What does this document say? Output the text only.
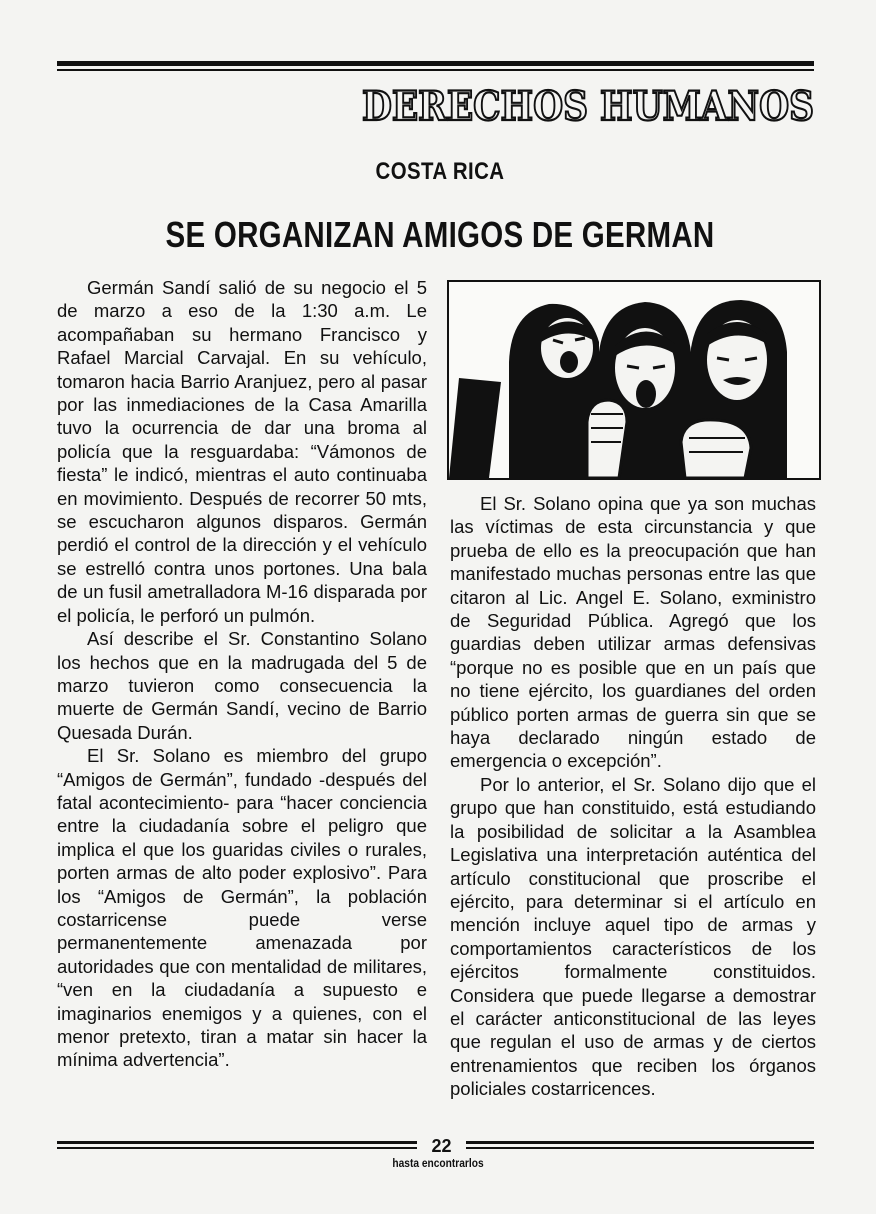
DERECHOS HUMANOS
COSTA RICA
SE ORGANIZAN AMIGOS DE GERMAN

Germán Sandí salió de su negocio el 5 de marzo a eso de la 1:30 a.m. Le acompañaban su hermano Francisco y Rafael Marcial Carvajal. En su vehículo, tomaron hacia Barrio Aranjuez, pero al pasar por las inmediaciones de la Casa Amarilla tuvo la ocurrencia de dar una broma al policía que la resguardaba: “Vámonos de fiesta” le indicó, mientras el auto continuaba en movimiento. Después de recorrer 50 mts, se escucharon algunos disparos. Germán perdió el control de la dirección y el vehículo se estrelló contra unos portones. Una bala de un fusil ametralladora M-16 disparada por el policía, le perforó un pulmón.

Así describe el Sr. Constantino Solano los hechos que en la madrugada del 5 de marzo tuvieron como consecuencia la muerte de Germán Sandí, vecino de Barrio Quesada Durán.

El Sr. Solano es miembro del grupo “Amigos de Germán”, fundado -después del fatal acontecimiento- para “hacer conciencia entre la ciudadanía sobre el peligro que implica el que los guaridas civiles o rurales, porten armas de alto poder explosivo”. Para los “Amigos de Germán”, la población costarricense puede verse permanentemente amenazada por autoridades que con mentalidad de militares, “ven en la ciudadanía a supuesto e imaginarios enemigos y a quienes, con el menor pretexto, tiran a matar sin hacer la mínima advertencia”.

El Sr. Solano opina que ya son muchas las víctimas de esta circunstancia y que prueba de ello es la preocupación que han manifestado muchas personas entre las que citaron al Lic. Angel E. Solano, exministro de Seguridad Pública. Agregó que los guardias deben utilizar armas defensivas “porque no es posible que en un país que no tiene ejército, los guardianes del orden público porten armas de guerra sin que se haya declarado ningún estado de emergencia o excepción”.

Por lo anterior, el Sr. Solano dijo que el grupo que han constituido, está estudiando la posibilidad de solicitar a la Asamblea Legislativa una interpretación auténtica del artículo constitucional que proscribe el ejército, para determinar si el artículo en mención incluye aquel tipo de armas y comportamientos característicos de los ejércitos formalmente constituidos. Considera que puede llegarse a demostrar el carácter anticonstitucional de las leyes que regulan el uso de armas y de ciertos entrenamientos que reciben los órganos policiales costarricences.

22
hasta encontrarlos
